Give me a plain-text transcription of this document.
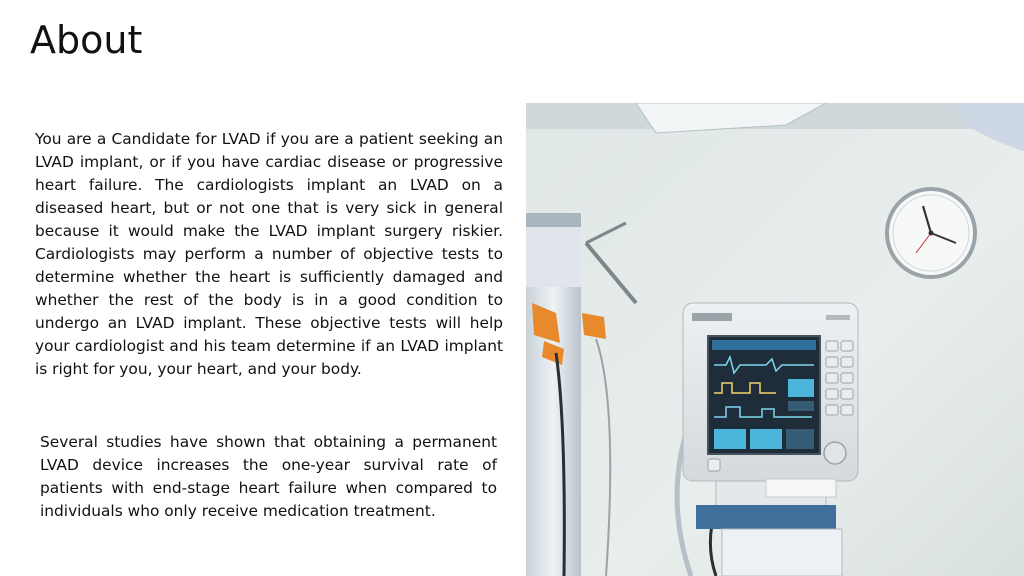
About

You are a Candidate for LVAD if you are a patient seeking an LVAD implant, or if you have cardiac disease or progressive heart failure. The cardiologists implant an LVAD on a diseased heart, but or not one that is very sick in general because it would make the LVAD implant surgery riskier. Cardiologists may perform a number of objective tests to determine whether the heart is sufficiently damaged and whether the rest of the body is in a good condition to undergo an LVAD implant. These objective tests will help your cardiologist and his team determine if an LVAD implant is right for you, your heart, and your body.

Several studies have shown that obtaining a permanent LVAD device increases the one-year survival rate of patients with end-stage heart failure when compared to individuals who only receive medication treatment.
